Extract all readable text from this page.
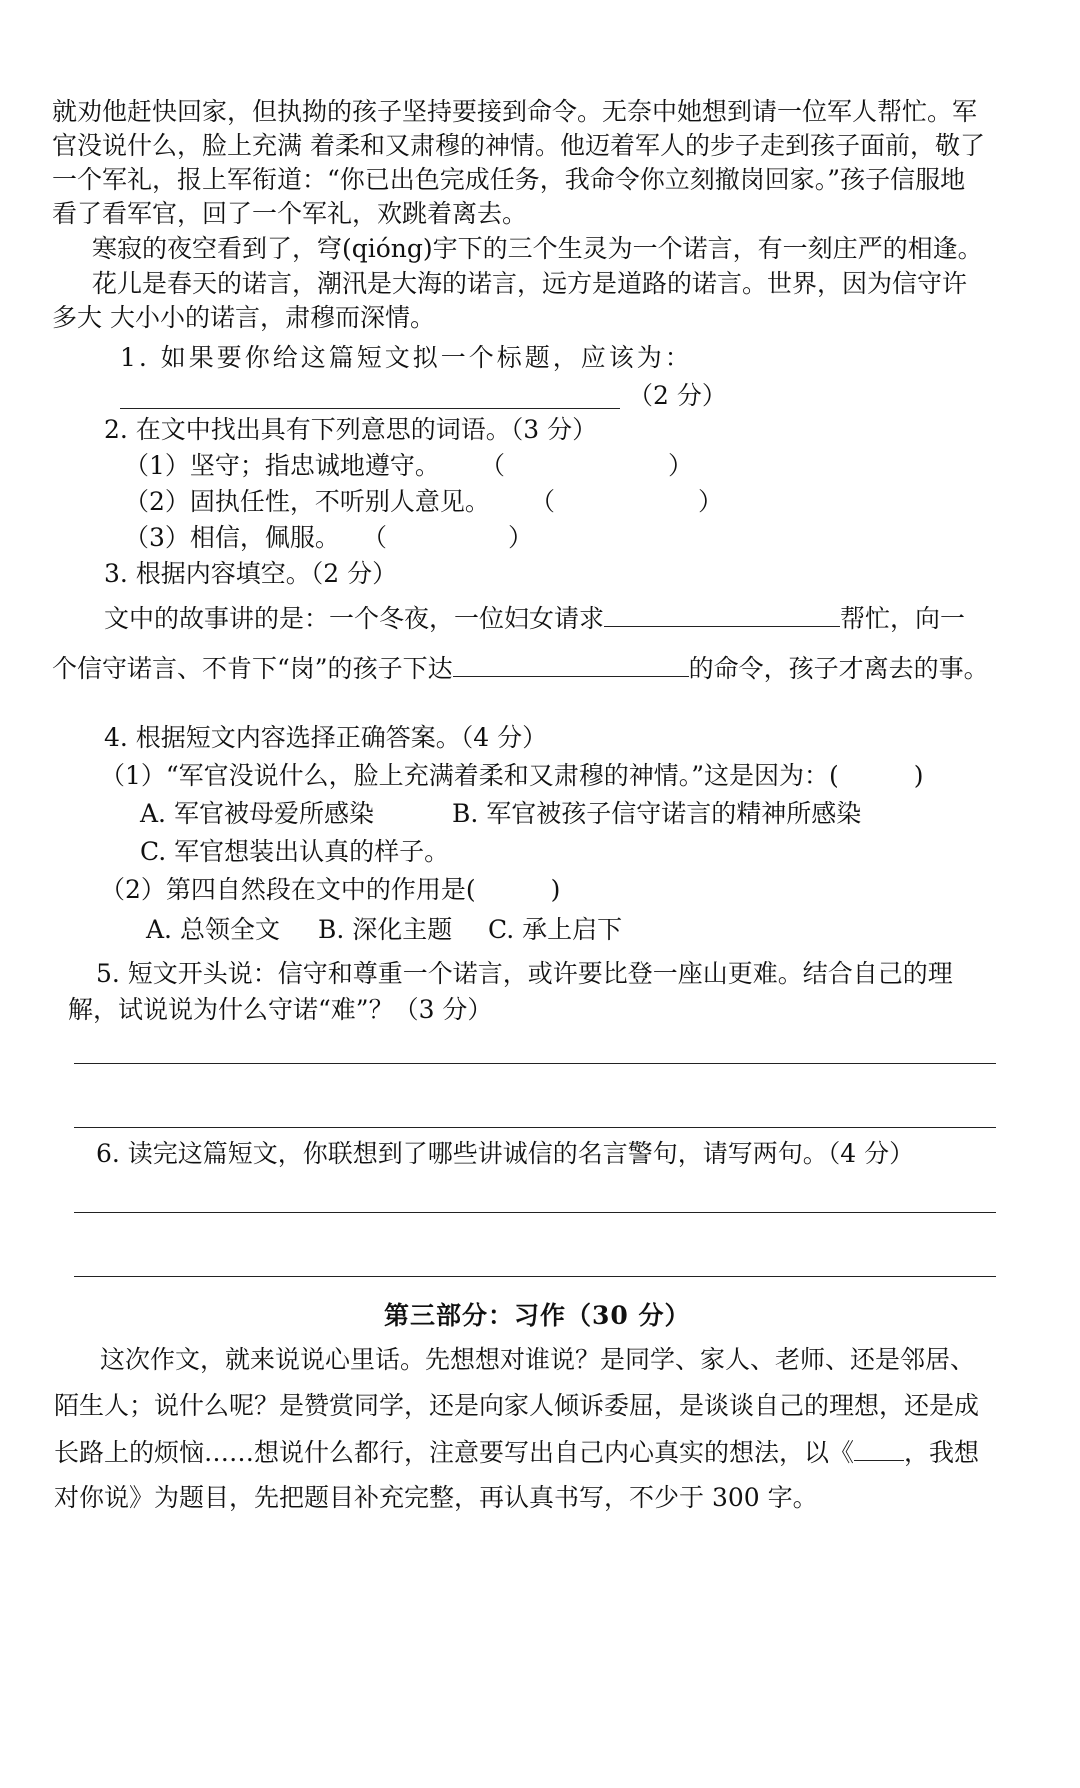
就劝他赶快回家，但执拗的孩子坚持要接到命令。无奈中她想到请一位军人帮忙。军
官没说什么，脸上充满 着柔和又肃穆的神情。他迈着军人的步子走到孩子面前，敬了
一个军礼，报上军衔道：“你已出色完成任务，我命令你立刻撤岗回家。”孩子信服地
看了看军官，回了一个军礼，欢跳着离去。
寒寂的夜空看到了，穹(qióng)宇下的三个生灵为一个诺言，有一刻庄严的相逢。
花儿是春天的诺言，潮汛是大海的诺言，远方是道路的诺言。世界，因为信守许
多大 大小小的诺言，肃穆而深情。
1. 如果要你给这篇短文拟一个标题，应该为：
（2 分）
2. 在文中找出具有下列意思的词语。（3 分）
（1）坚守；指忠诚地遵守。 （	）
（2）固执任性，不听别人意见。 （	）
（3）相信，佩服。 （	）
3. 根据内容填空。（2 分）
文中的故事讲的是：一个冬夜，一位妇女请求	帮忙，向一
个信守诺言、不肯下“岗”的孩子下达	的命令，孩子才离去的事。
4. 根据短文内容选择正确答案。（4 分）
（1）“军官没说什么，脸上充满着柔和又肃穆的神情。”这是因为：(　　　)
A. 军官被母爱所感染	B. 军官被孩子信守诺言的精神所感染
C. 军官想装出认真的样子。
（2）第四自然段在文中的作用是(　　　)
A. 总领全文 B. 深化主题 C. 承上启下
5. 短文开头说：信守和尊重一个诺言，或许要比登一座山更难。结合自己的理
解，试说说为什么守诺“难”？（3 分）
6. 读完这篇短文，你联想到了哪些讲诚信的名言警句，请写两句。（4 分）
第三部分：习作（30 分）
这次作文，就来说说心里话。先想想对谁说？是同学、家人、老师、还是邻居、
陌生人；说什么呢？是赞赏同学，还是向家人倾诉委屈，是谈谈自己的理想，还是成
长路上的烦恼……想说什么都行，注意要写出自己内心真实的想法，以《 ，我想
对你说》为题目，先把题目补充完整，再认真书写，不少于 300 字。
